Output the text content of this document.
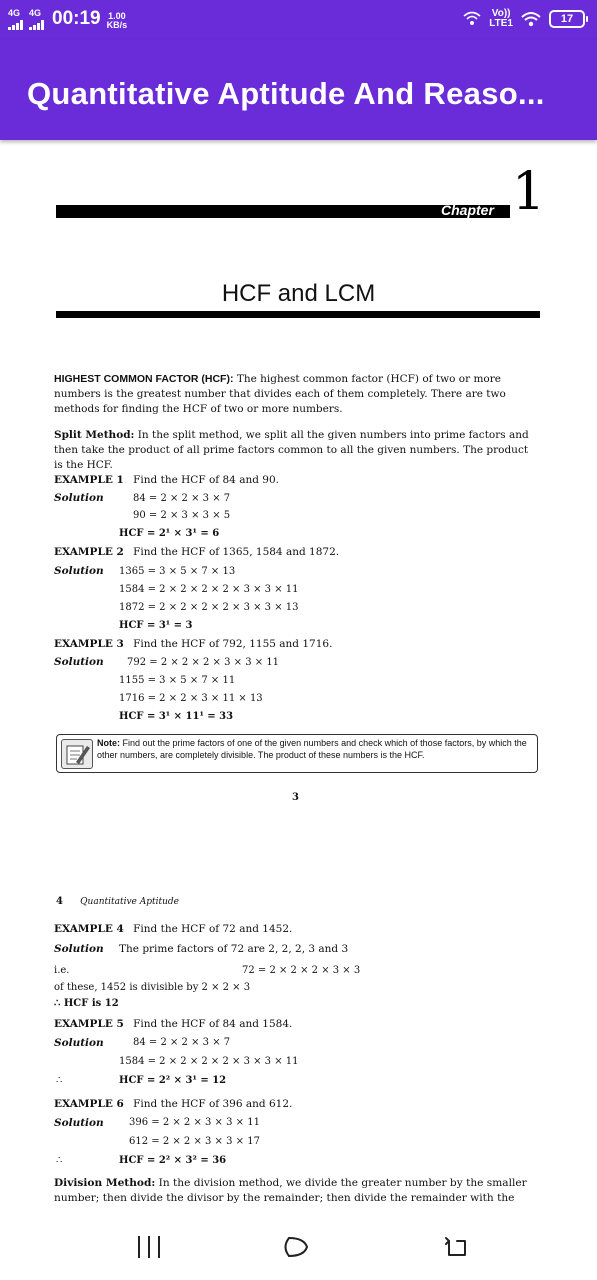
4G 4G 00:19 1.00
KB/s
Vo))
LTE1	17
Quantitative Aptitude And Reaso...
Chapter 1
HCF and LCM
HIGHEST COMMON FACTOR (HCF): The highest common factor (HCF) of two or more numbers is the greatest number that divides each of them completely. There are two methods for finding the HCF of two or more numbers.
Split Method: In the split method, we split all the given numbers into prime factors and then take the product of all prime factors common to all the given numbers. The product is the HCF.
EXAMPLE 1 Find the HCF of 84 and 90.
Solution	84 = 2 × 2 × 3 × 7
90 = 2 × 3 × 3 × 5
HCF = 2¹ × 3¹ = 6
EXAMPLE 2 Find the HCF of 1365, 1584 and 1872.
Solution 1365 = 3 × 5 × 7 × 13
1584 = 2 × 2 × 2 × 2 × 3 × 3 × 11
1872 = 2 × 2 × 2 × 2 × 3 × 3 × 13
HCF = 3¹ = 3
EXAMPLE 3 Find the HCF of 792, 1155 and 1716.
Solution 792 = 2 × 2 × 2 × 3 × 3 × 11
1155 = 3 × 5 × 7 × 11
1716 = 2 × 2 × 3 × 11 × 13
HCF = 3¹ × 11¹ = 33
Note: Find out the prime factors of one of the given numbers and check which of those factors, by which the other numbers, are completely divisible. The product of these numbers is the HCF.
3
4 Quantitative Aptitude
EXAMPLE 4 Find the HCF of 72 and 1452.
Solution The prime factors of 72 are 2, 2, 2, 3 and 3
i.e.	72 = 2 × 2 × 2 × 3 × 3
of these, 1452 is divisible by 2 × 2 × 3
∴ HCF is 12
EXAMPLE 5 Find the HCF of 84 and 1584.
Solution	84 = 2 × 2 × 3 × 7
1584 = 2 × 2 × 2 × 2 × 3 × 3 × 11
∴	HCF = 2² × 3¹ = 12
EXAMPLE 6 Find the HCF of 396 and 612.
Solution	396 = 2 × 2 × 3 × 3 × 11
612 = 2 × 2 × 3 × 3 × 17
∴	HCF = 2² × 3² = 36
Division Method: In the division method, we divide the greater number by the smaller number; then divide the divisor by the remainder; then divide the remainder with the
